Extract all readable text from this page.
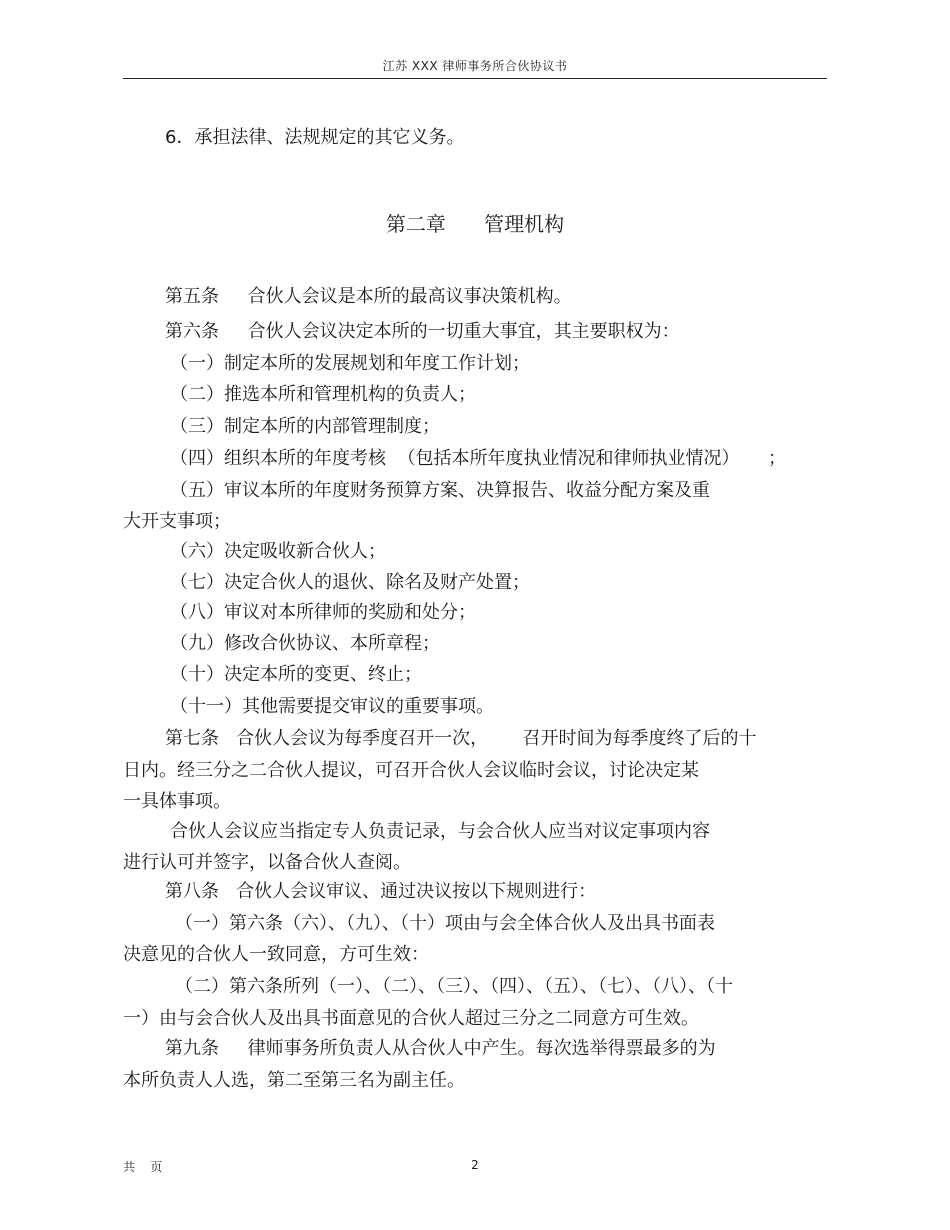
江苏 XXX 律师事务所合伙协议书
6．承担法律、法规规定的其它义务。
第二章      管理机构
第五条     合伙人会议是本所的最高议事决策机构。
第六条     合伙人会议决定本所的一切重大事宜，其主要职权为：
（一）制定本所的发展规划和年度工作计划；
（二）推选本所和管理机构的负责人；
（三）制定本所的内部管理制度；
（四）组织本所的年度考核  （包括本所年度执业情况和律师执业情况）     ；
（五）审议本所的年度财务预算方案、决算报告、收益分配方案及重
大开支事项；
（六）决定吸收新合伙人；
（七）决定合伙人的退伙、除名及财产处置；
（八）审议对本所律师的奖励和处分；
（九）修改合伙协议、本所章程；
（十）决定本所的变更、终止；
（十一）其他需要提交审议的重要事项。
第七条   合伙人会议为每季度召开一次，      召开时间为每季度终了后的十
日内。经三分之二合伙人提议，可召开合伙人会议临时会议，讨论决定某
一具体事项。
合伙人会议应当指定专人负责记录，与会合伙人应当对议定事项内容
进行认可并签字，以备合伙人查阅。
第八条   合伙人会议审议、通过决议按以下规则进行：
（一）第六条（六）、（九）、（十）项由与会全体合伙人及出具书面表
决意见的合伙人一致同意，方可生效：
（二）第六条所列（一）、（二）、（三）、（四）、（五）、（七）、（八）、（十
一）由与会合伙人及出具书面意见的合伙人超过三分之二同意方可生效。
第九条     律师事务所负责人从合伙人中产生。每次选举得票最多的为
本所负责人人选，第二至第三名为副主任。
共    页	2
